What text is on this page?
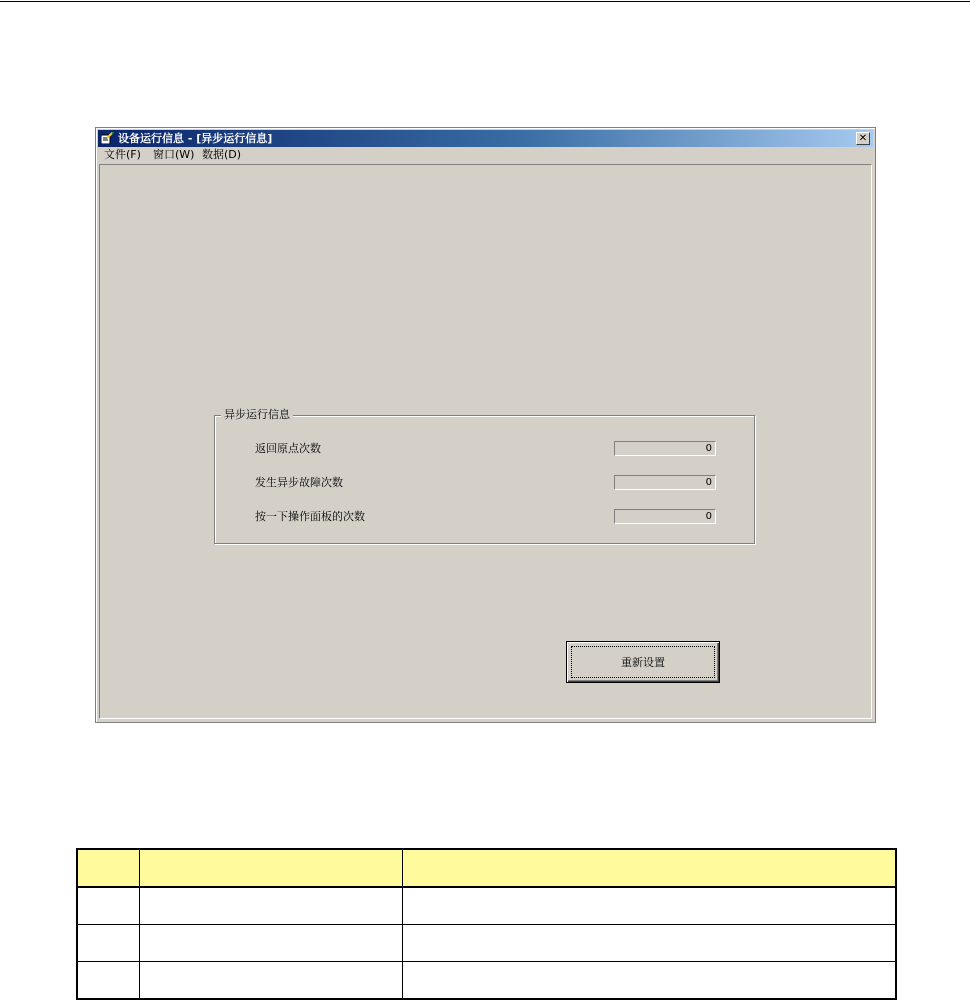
设备运行信息 - [异步运行信息]	✕
文件(F) 窗口(W) 数据(D)
异步运行信息
返回原点次数	0
发生异步故障次数	0
按一下操作面板的次数	0
重新设置
